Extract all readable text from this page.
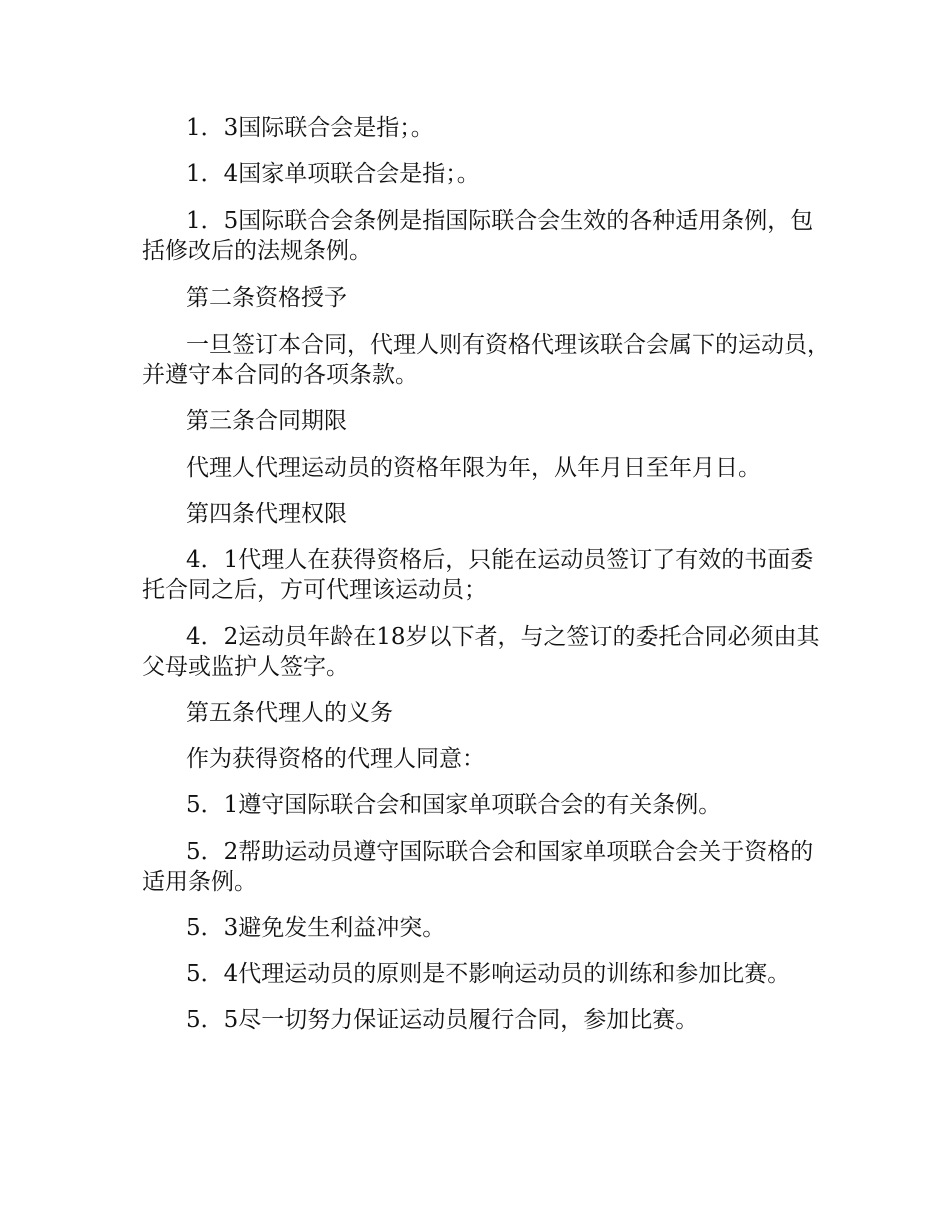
1．3国际联合会是指；。

1．4国家单项联合会是指；。

1．5国际联合会条例是指国际联合会生效的各种适用条例，包括修改后的法规条例。

第二条资格授予

一旦签订本合同，代理人则有资格代理该联合会属下的运动员，并遵守本合同的各项条款。

第三条合同期限

代理人代理运动员的资格年限为年，从年月日至年月日。

第四条代理权限

4．1代理人在获得资格后，只能在运动员签订了有效的书面委托合同之后，方可代理该运动员；

4．2运动员年龄在18岁以下者，与之签订的委托合同必须由其父母或监护人签字。

第五条代理人的义务

作为获得资格的代理人同意：

5．1遵守国际联合会和国家单项联合会的有关条例。

5．2帮助运动员遵守国际联合会和国家单项联合会关于资格的适用条例。

5．3避免发生利益冲突。

5．4代理运动员的原则是不影响运动员的训练和参加比赛。

5．5尽一切努力保证运动员履行合同，参加比赛。
